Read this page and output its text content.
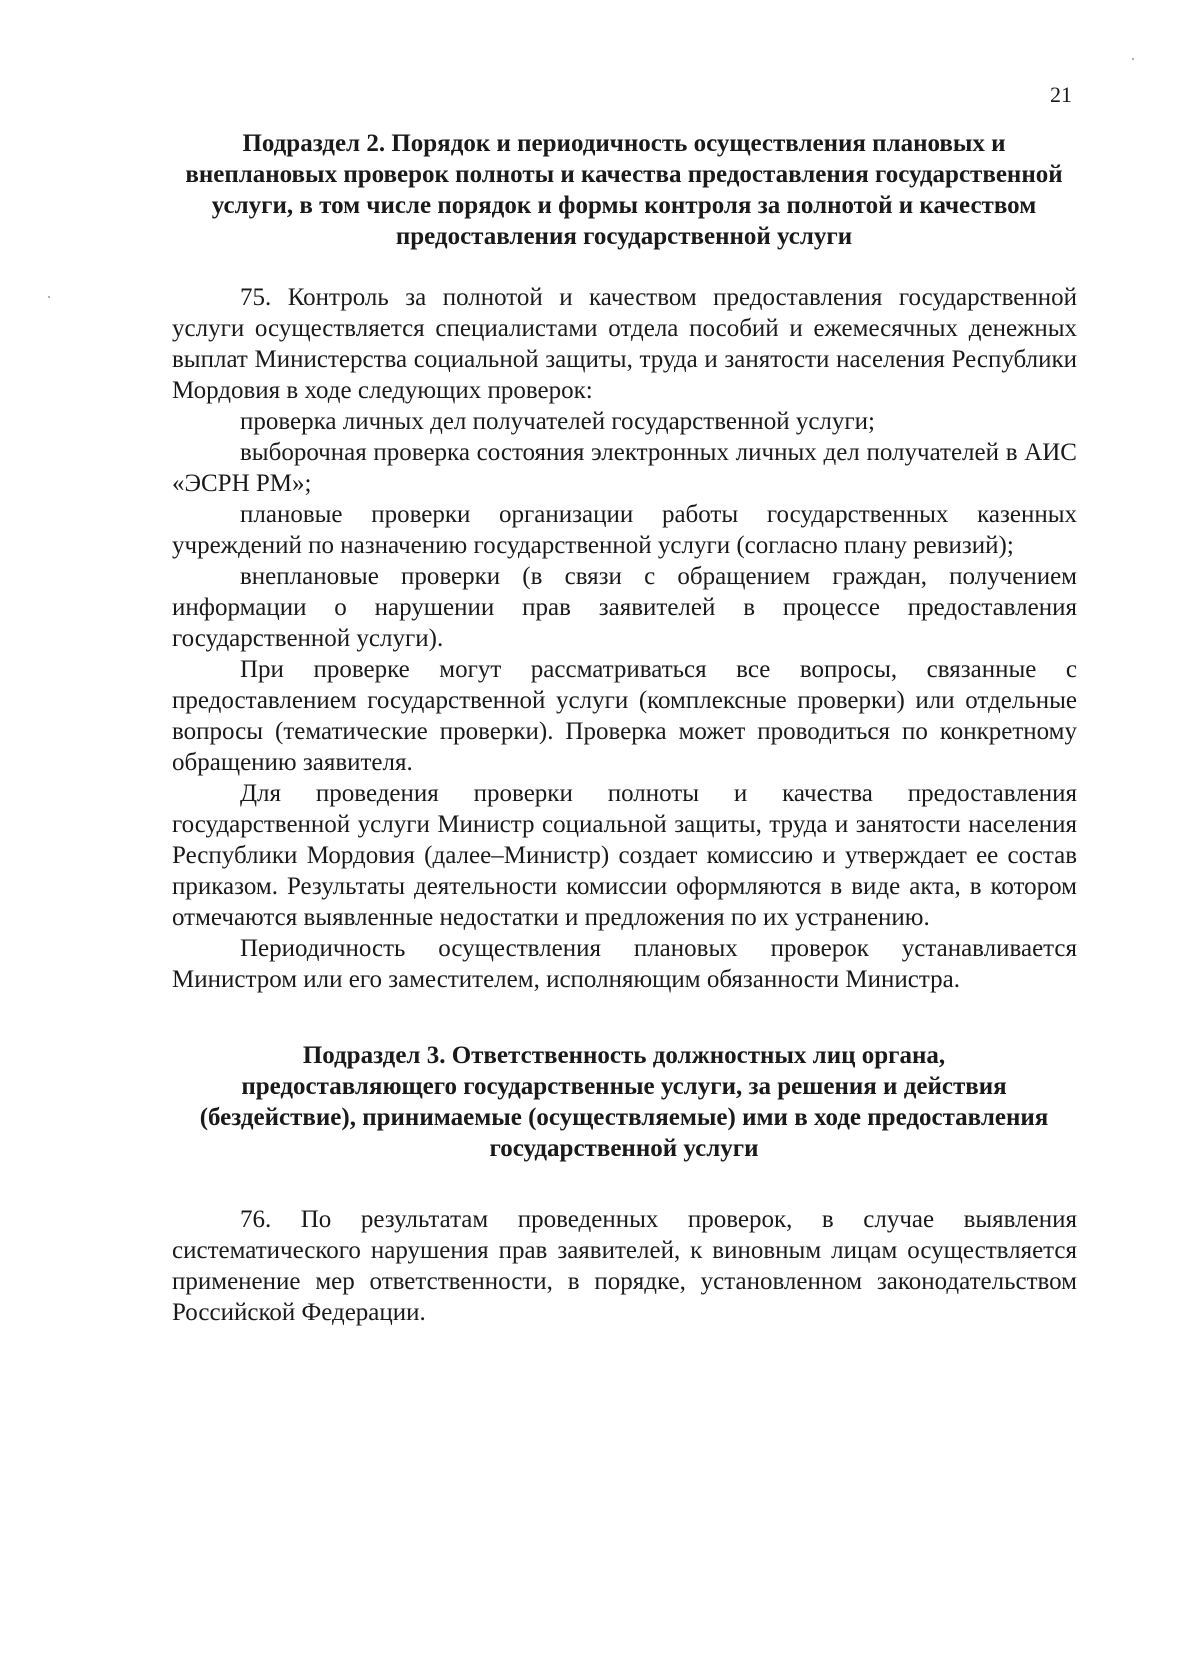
21
Подраздел 2. Порядок и периодичность осуществления плановых и внеплановых проверок полноты и качества предоставления государственной услуги, в том числе порядок и формы контроля за полнотой и качеством предоставления государственной услуги

75. Контроль за полнотой и качеством предоставления государственной услуги осуществляется специалистами отдела пособий и ежемесячных денежных выплат Министерства социальной защиты, труда и занятости населения Республики Мордовия в ходе следующих проверок:

проверка личных дел получателей государственной услуги;

выборочная проверка состояния электронных личных дел получателей в АИС «ЭСРН РМ»;

плановые проверки организации работы государственных казенных учреждений по назначению государственной услуги (согласно плану ревизий);

внеплановые проверки (в связи с обращением граждан, получением информации о нарушении прав заявителей в процессе предоставления государственной услуги).

При проверке могут рассматриваться все вопросы, связанные с предоставлением государственной услуги (комплексные проверки) или отдельные вопросы (тематические проверки). Проверка может проводиться по конкретному обращению заявителя.

Для проведения проверки полноты и качества предоставления государственной услуги Министр социальной защиты, труда и занятости населения Республики Мордовия (далее–Министр) создает комиссию и утверждает ее состав приказом. Результаты деятельности комиссии оформляются в виде акта, в котором отмечаются выявленные недостатки и предложения по их устранению.

Периодичность осуществления плановых проверок устанавливается Министром или его заместителем, исполняющим обязанности Министра.

Подраздел 3. Ответственность должностных лиц органа, предоставляющего государственные услуги, за решения и действия (бездействие), принимаемые (осуществляемые) ими в ходе предоставления государственной услуги

76. По результатам проведенных проверок, в случае выявления систематического нарушения прав заявителей, к виновным лицам осуществляется применение мер ответственности, в порядке, установленном законодательством Российской Федерации.
